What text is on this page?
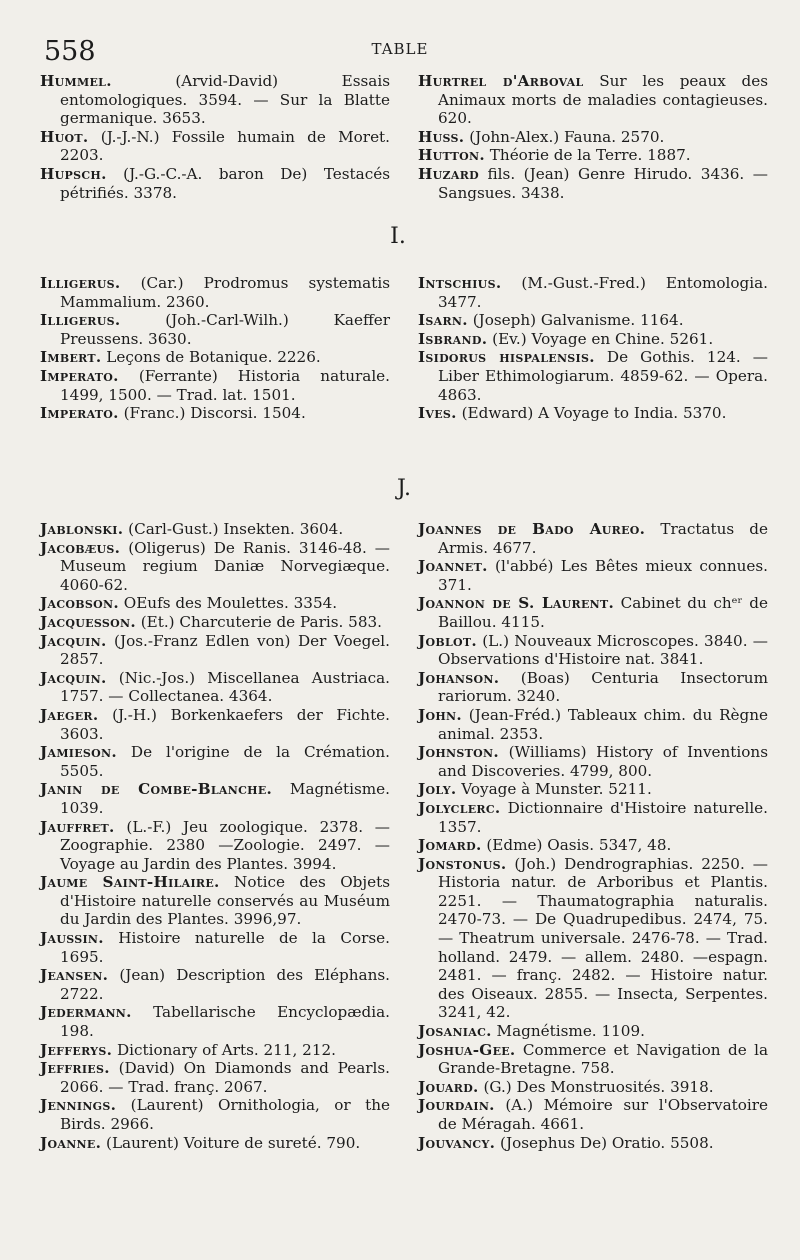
558	TABLE

Hummel. (Arvid-David) Essais entomologiques. 3594. — Sur la Blatte germanique. 3653.

Huot. (J.-J.-N.) Fossile humain de Moret. 2203.

Hupsch. (J.-G.-C.-A. baron De) Testacés pétrifiés. 3378.

Hurtrel d'Arboval Sur les peaux des Animaux morts de maladies contagieuses. 620.

Huss. (John-Alex.) Fauna. 2570.

Hutton. Théorie de la Terre. 1887.

Huzard fils. (Jean) Genre Hirudo. 3436. —Sangsues. 3438.

I.

Illigerus. (Car.) Prodromus systematis Mammalium. 2360.

Illigerus. (Joh.-Carl-Wilh.) Kaeffer Preussens. 3630.

Imbert. Leçons de Botanique. 2226.

Imperato. (Ferrante) Historia naturale. 1499, 1500. — Trad. lat. 1501.

Imperato. (Franc.) Discorsi. 1504.

Intschius. (M.-Gust.-Fred.) Entomologia. 3477.

Isarn. (Joseph) Galvanisme. 1164.

Isbrand. (Ev.) Voyage en Chine. 5261.

Isidorus hispalensis. De Gothis. 124. —Liber Ethimologiarum. 4859-62. — Opera. 4863.

Ives. (Edward) A Voyage to India. 5370.

J.

Jablonski. (Carl-Gust.) Insekten. 3604.

Jacobæus. (Oligerus) De Ranis. 3146-48. — Museum regium Daniæ Norvegiæque. 4060-62.

Jacobson. OEufs des Moulettes. 3354.

Jacquesson. (Et.) Charcuterie de Paris. 583.

Jacquin. (Jos.-Franz Edlen von) Der Voegel. 2857.

Jacquin. (Nic.-Jos.) Miscellanea Austriaca. 1757. — Collectanea. 4364.

Jaeger. (J.-H.) Borkenkaefers der Fichte. 3603.

Jamieson. De l'origine de la Crémation. 5505.

Janin de Combe-Blanche. Magnétisme. 1039.

Jauffret. (L.-F.) Jeu zoologique. 2378. —Zoographie. 2380 —Zoologie. 2497. —Voyage au Jardin des Plantes. 3994.

Jaume Saint-Hilaire. Notice des Objets d'Histoire naturelle conservés au Muséum du Jardin des Plantes. 3996,97.

Jaussin. Histoire naturelle de la Corse. 1695.

Jeansen. (Jean) Description des Eléphans. 2722.

Jedermann. Tabellarische Encyclopædia. 198.

Jefferys. Dictionary of Arts. 211, 212.

Jeffries. (David) On Diamonds and Pearls. 2066. — Trad. franç. 2067.

Jennings. (Laurent) Ornithologia, or the Birds. 2966.

Joanne. (Laurent) Voiture de sureté. 790.

Joannes de Bado Aureo. Tractatus de Armis. 4677.

Joannet. (l'abbé) Les Bêtes mieux connues. 371.

Joannon de S. Laurent. Cabinet du chᵉʳ de Baillou. 4115.

Joblot. (L.) Nouveaux Microscopes. 3840. — Observations d'Histoire nat. 3841.

Johanson. (Boas) Centuria Insectorum rariorum. 3240.

John. (Jean-Fréd.) Tableaux chim. du Règne animal. 2353.

Johnston. (Williams) History of Inventions and Discoveries. 4799, 800.

Joly. Voyage à Munster. 5211.

Jolyclerc. Dictionnaire d'Histoire naturelle. 1357.

Jomard. (Edme) Oasis. 5347, 48.

Jonstonus. (Joh.) Dendrographias. 2250. — Historia natur. de Arboribus et Plantis. 2251. — Thaumatographia naturalis. 2470-73. — De Quadrupedibus. 2474, 75. — Theatrum universale. 2476-78. — Trad. holland. 2479. — allem. 2480. —espagn. 2481. — franç. 2482. — Histoire natur. des Oiseaux. 2855. — Insecta, Serpentes. 3241, 42.

Josaniac. Magnétisme. 1109.

Joshua-Gee. Commerce et Navigation de la Grande-Bretagne. 758.

Jouard. (G.) Des Monstruosités. 3918.

Jourdain. (A.) Mémoire sur l'Observatoire de Méragah. 4661.

Jouvancy. (Josephus De) Oratio. 5508.
